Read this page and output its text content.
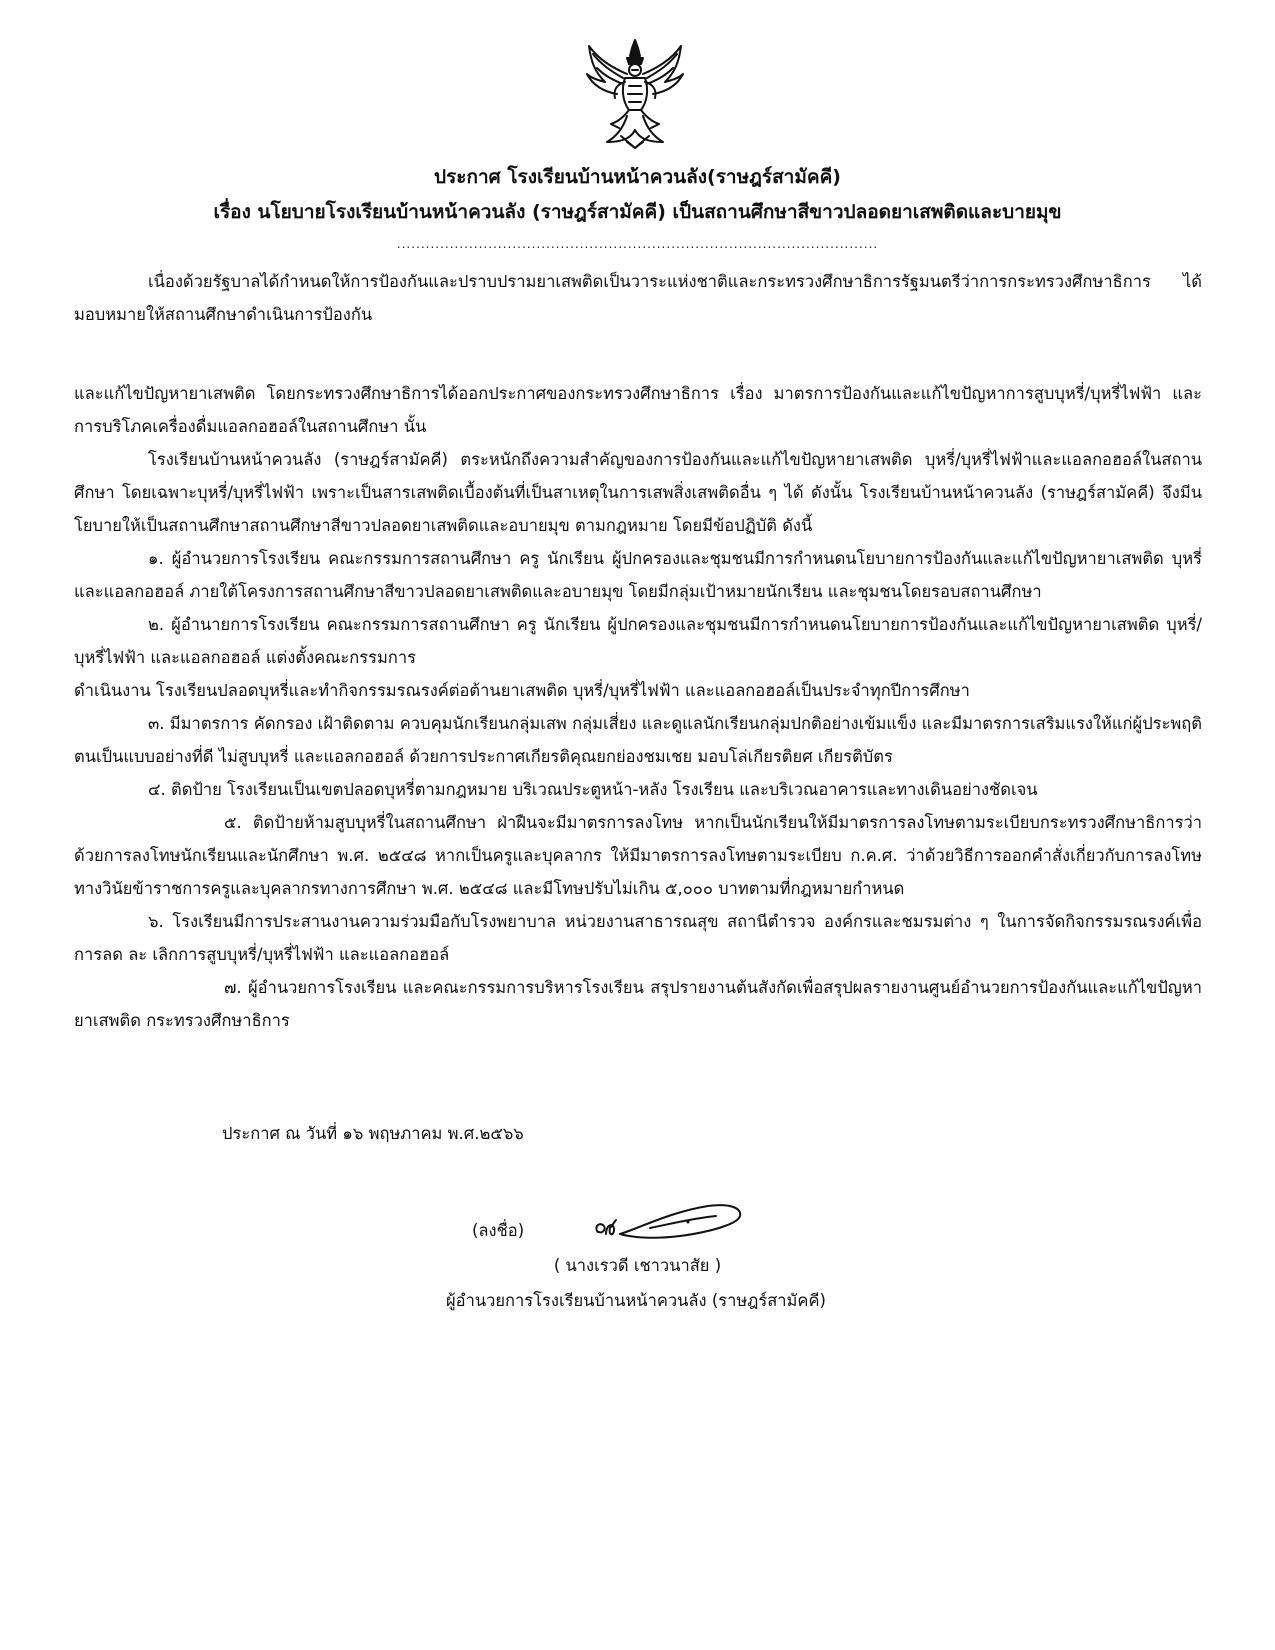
ประกาศ โรงเรียนบ้านหน้าควนลัง(ราษฎร์สามัคคี)
เรื่อง นโยบายโรงเรียนบ้านหน้าควนลัง (ราษฎร์สามัคคี) เป็นสถานศึกษาสีขาวปลอดยาเสพติดและบายมุข
....................................................................................................

เนื่องด้วยรัฐบาลได้กำหนดให้การป้องกันและปราบปรามยาเสพติดเป็นวาระแห่งชาติและกระทรวงศึกษาธิการรัฐมนตรีว่าการกระทรวงศึกษาธิการ ได้มอบหมายให้สถานศึกษาดำเนินการป้องกัน

และแก้ไขปัญหายาเสพติด โดยกระทรวงศึกษาธิการได้ออกประกาศของกระทรวงศึกษาธิการ เรื่อง มาตรการป้องกันและแก้ไขปัญหาการสูบบุหรี่/บุหรี่ไฟฟ้า และการบริโภคเครื่องดื่มแอลกอฮอล์ในสถานศึกษา นั้น

โรงเรียนบ้านหน้าควนลัง (ราษฎร์สามัคคี) ตระหนักถึงความสำคัญของการป้องกันและแก้ไขปัญหายาเสพติด บุหรี่/บุหรี่ไฟฟ้าและแอลกอฮอล์ในสถานศึกษา โดยเฉพาะบุหรี่/บุหรี่ไฟฟ้า เพราะเป็นสารเสพติดเบื้องต้นที่เป็นสาเหตุในการเสพสิ่งเสพติดอื่น ๆ ได้ ดังนั้น โรงเรียนบ้านหน้าควนลัง (ราษฎร์สามัคคี) จึงมีนโยบายให้เป็นสถานศึกษาสถานศึกษาสีขาวปลอดยาเสพติดและอบายมุข ตามกฎหมาย โดยมีข้อปฏิบัติ ดังนี้

๑. ผู้อำนวยการโรงเรียน คณะกรรมการสถานศึกษา ครู นักเรียน ผู้ปกครองและชุมชนมีการกำหนดนโยบายการป้องกันและแก้ไขปัญหายาเสพติด บุหรี่ และแอลกอฮอล์ ภายใต้โครงการสถานศึกษาสีขาวปลอดยาเสพติดและอบายมุข โดยมีกลุ่มเป้าหมายนักเรียน และชุมชนโดยรอบสถานศึกษา

๒. ผู้อำนายการโรงเรียน คณะกรรมการสถานศึกษา ครู นักเรียน ผู้ปกครองและชุมชนมีการกำหนดนโยบายการป้องกันและแก้ไขปัญหายาเสพติด บุหรี่/บุหรี่ไฟฟ้า และแอลกอฮอล์ แต่งตั้งคณะกรรมการ

ดำเนินงาน โรงเรียนปลอดบุหรี่และทำกิจกรรมรณรงค์ต่อต้านยาเสพติด บุหรี่/บุหรี่ไฟฟ้า และแอลกอฮอล์เป็นประจำทุกปีการศึกษา

๓. มีมาตรการ คัดกรอง เฝ้าติดตาม ควบคุมนักเรียนกลุ่มเสพ กลุ่มเสี่ยง และดูแลนักเรียนกลุ่มปกติอย่างเข้มแข็ง และมีมาตรการเสริมแรงให้แก่ผู้ประพฤติตนเป็นแบบอย่างที่ดี ไม่สูบบุหรี่ และแอลกอฮอล์ ด้วยการประกาศเกียรติคุณยกย่องชมเชย มอบโล่เกียรติยศ เกียรติบัตร

๔. ติดป้าย โรงเรียนเป็นเขตปลอดบุหรี่ตามกฎหมาย บริเวณประตูหน้า-หลัง โรงเรียน และบริเวณอาคารและทางเดินอย่างชัดเจน

๕. ติดป้ายห้ามสูบบุหรี่ในสถานศึกษา ฝ่าฝืนจะมีมาตรการลงโทษ หากเป็นนักเรียนให้มีมาตรการลงโทษตามระเบียบกระทรวงศึกษาธิการว่าด้วยการลงโทษนักเรียนและนักศึกษา พ.ศ. ๒๕๔๘ หากเป็นครูและบุคลากร ให้มีมาตรการลงโทษตามระเบียบ ก.ค.ศ. ว่าด้วยวิธีการออกคำสั่งเกี่ยวกับการลงโทษทางวินัยข้าราชการครูและบุคลากรทางการศึกษา พ.ศ. ๒๕๔๘ และมีโทษปรับไม่เกิน ๕,๐๐๐ บาทตามที่กฎหมายกำหนด

๖. โรงเรียนมีการประสานงานความร่วมมือกับโรงพยาบาล หน่วยงานสาธารณสุข สถานีตำรวจ องค์กรและชมรมต่าง ๆ ในการจัดกิจกรรมรณรงค์เพื่อการลด ละ เลิกการสูบบุหรี่/บุหรี่ไฟฟ้า และแอลกอฮอล์

๗. ผู้อำนวยการโรงเรียน และคณะกรรมการบริหารโรงเรียน สรุปรายงานต้นสังกัดเพื่อสรุปผลรายงานศูนย์อำนวยการป้องกันและแก้ไขปัญหายาเสพติด กระทรวงศึกษาธิการ

ประกาศ ณ วันที่ ๑๖ พฤษภาคม พ.ศ.๒๕๖๖
(ลงชื่อ)
( นางเรวดี เชาวนาสัย )
ผู้อำนวยการโรงเรียนบ้านหน้าควนลัง (ราษฎร์สามัคคี)
